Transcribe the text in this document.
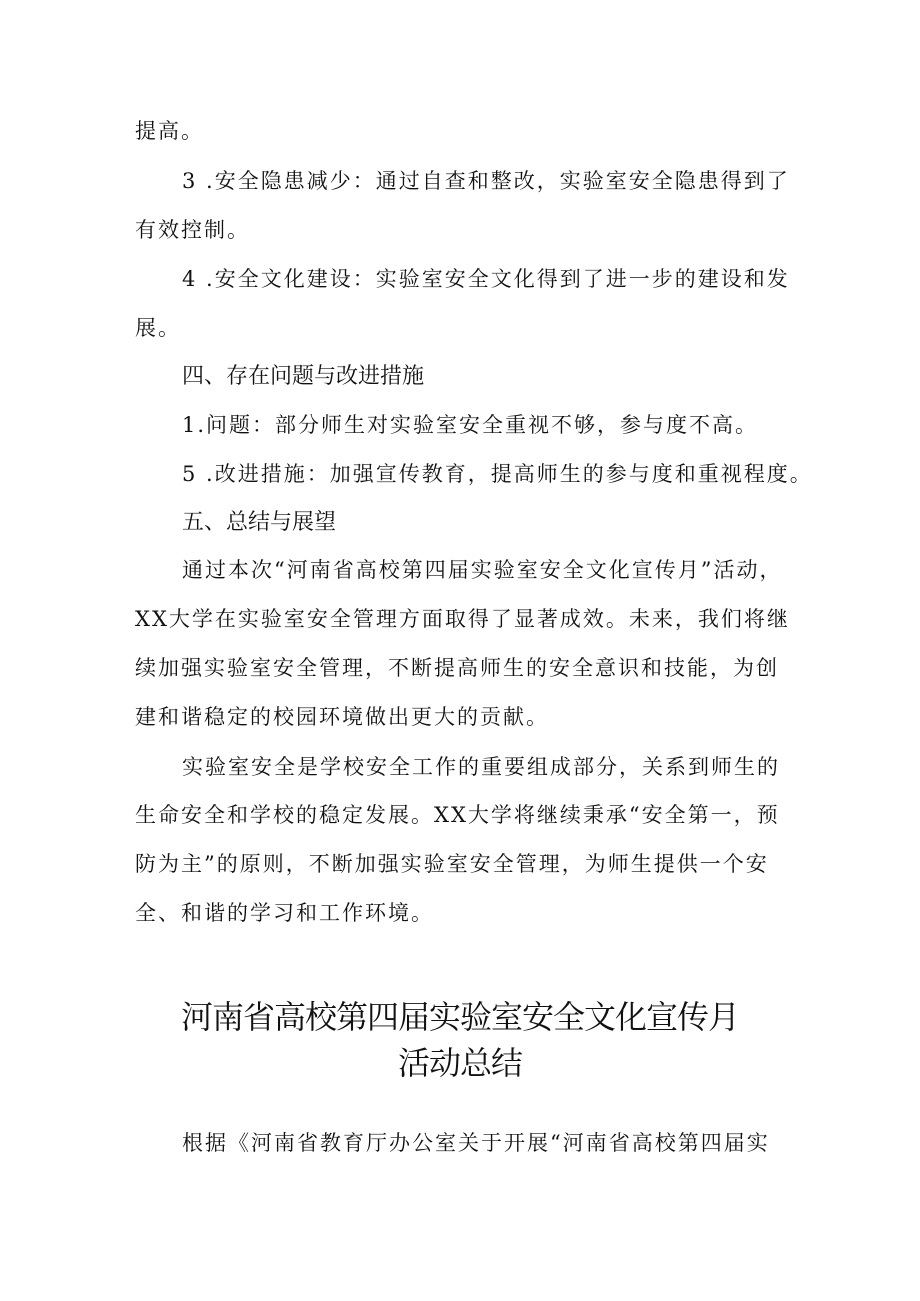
提高。
3 .安全隐患减少：通过自查和整改，实验室安全隐患得到了
有效控制。
4 .安全文化建设：实验室安全文化得到了进一步的建设和发
展。
四、存在问题与改进措施
1.问题：部分师生对实验室安全重视不够，参与度不高。
5 .改进措施：加强宣传教育，提高师生的参与度和重视程度。
五、总结与展望
通过本次“河南省高校第四届实验室安全文化宣传月”活动，
XX大学在实验室安全管理方面取得了显著成效。未来，我们将继
续加强实验室安全管理，不断提高师生的安全意识和技能，为创
建和谐稳定的校园环境做出更大的贡献。
实验室安全是学校安全工作的重要组成部分，关系到师生的
生命安全和学校的稳定发展。XX大学将继续秉承“安全第一，预
防为主”的原则，不断加强实验室安全管理，为师生提供一个安
全、和谐的学习和工作环境。
河南省高校第四届实验室安全文化宣传月
活动总结
根据《河南省教育厅办公室关于开展“河南省高校第四届实
